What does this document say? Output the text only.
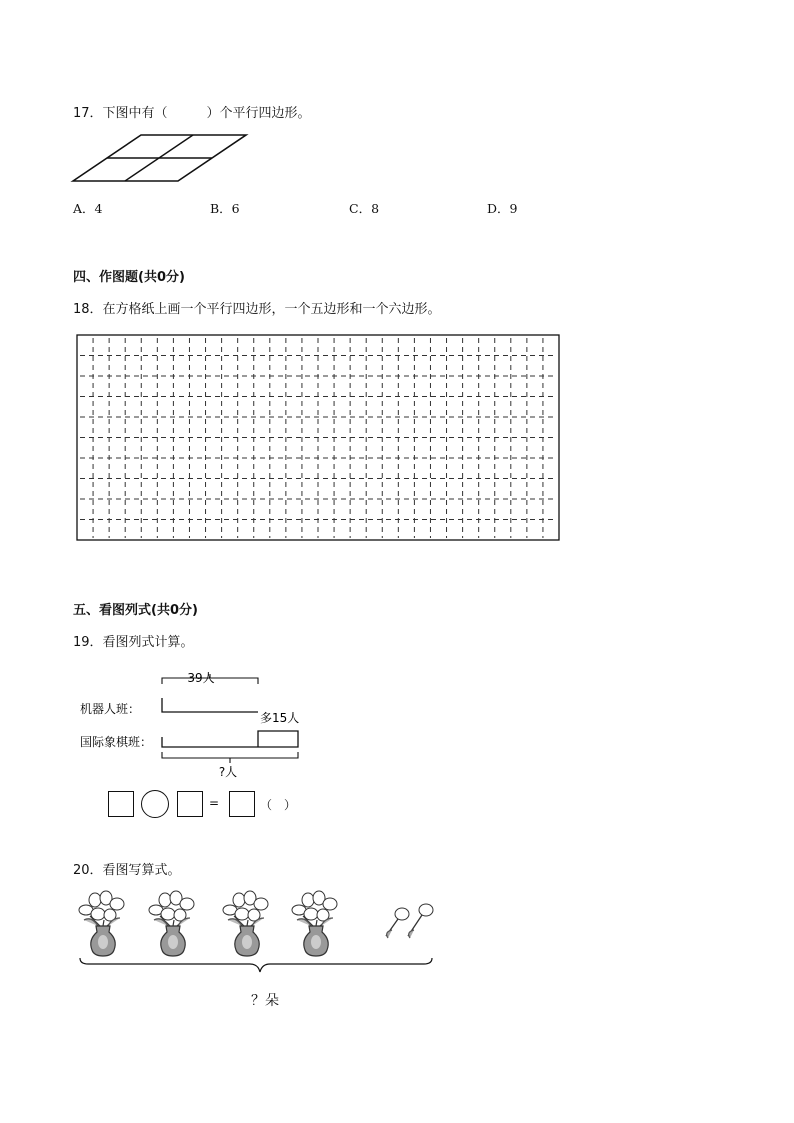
17．下图中有（　　　）个平行四边形。
A．4	B．6	C．8	D．9
四、作图题(共0分)
18．在方格纸上画一个平行四边形，一个五边形和一个六边形。
五、看图列式(共0分)
19．看图列式计算。
39人
机器人班：
多15人
国际象棋班：
?人
=	（　）
20．看图写算式。
？朵
